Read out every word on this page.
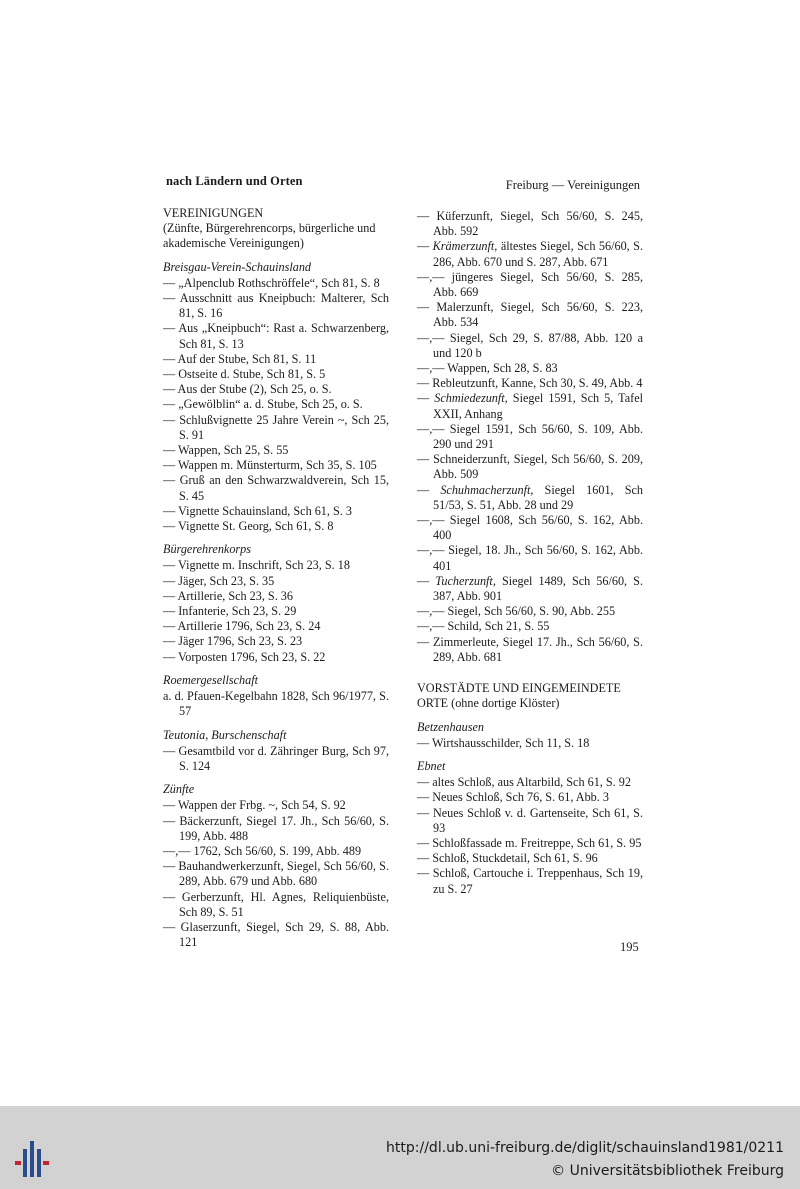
nach Ländern und Orten	Freiburg — Vereinigungen
VEREINIGUNGEN
(Zünfte, Bürgerehrencorps, bürgerliche und akademische Vereinigungen)
Breisgau-Verein-Schauinsland
— „Alpenclub Rothschröffele“, Sch 81, S. 8
— Ausschnitt aus Kneipbuch: Malterer, Sch 81, S. 16
— Aus „Kneipbuch“: Rast a. Schwarzenberg, Sch 81, S. 13
— Auf der Stube, Sch 81, S. 11
— Ostseite d. Stube, Sch 81, S. 5
— Aus der Stube (2), Sch 25, o. S.
— „Gewölblin“ a. d. Stube, Sch 25, o. S.
— Schlußvignette 25 Jahre Verein ~, Sch 25, S. 91
— Wappen, Sch 25, S. 55
— Wappen m. Münsterturm, Sch 35, S. 105
— Gruß an den Schwarzwaldverein, Sch 15, S. 45
— Vignette Schauinsland, Sch 61, S. 3
— Vignette St. Georg, Sch 61, S. 8
Bürgerehrenkorps
— Vignette m. Inschrift, Sch 23, S. 18
— Jäger, Sch 23, S. 35
— Artillerie, Sch 23, S. 36
— Infanterie, Sch 23, S. 29
— Artillerie 1796, Sch 23, S. 24
— Jäger 1796, Sch 23, S. 23
— Vorposten 1796, Sch 23, S. 22
Roemergesellschaft
a. d. Pfauen-Kegelbahn 1828, Sch 96/1977, S. 57
Teutonia, Burschenschaft
— Gesamtbild vor d. Zähringer Burg, Sch 97, S. 124
Zünfte
— Wappen der Frbg. ~, Sch 54, S. 92
— Bäckerzunft, Siegel 17. Jh., Sch 56/60, S. 199, Abb. 488
—,— 1762, Sch 56/60, S. 199, Abb. 489
— Bauhandwerkerzunft, Siegel, Sch 56/60, S. 289, Abb. 679 und Abb. 680
— Gerberzunft, Hl. Agnes, Reliquienbüste, Sch 89, S. 51
— Glaserzunft, Siegel, Sch 29, S. 88, Abb. 121
— Küferzunft, Siegel, Sch 56/60, S. 245, Abb. 592
— Krämerzunft, ältestes Siegel, Sch 56/60, S. 286, Abb. 670 und S. 287, Abb. 671
—,— jüngeres Siegel, Sch 56/60, S. 285, Abb. 669
— Malerzunft, Siegel, Sch 56/60, S. 223, Abb. 534
—,— Siegel, Sch 29, S. 87/88, Abb. 120 a und 120 b
—,— Wappen, Sch 28, S. 83
— Rebleutzunft, Kanne, Sch 30, S. 49, Abb. 4
— Schmiedezunft, Siegel 1591, Sch 5, Tafel XXII, Anhang
—,— Siegel 1591, Sch 56/60, S. 109, Abb. 290 und 291
— Schneiderzunft, Siegel, Sch 56/60, S. 209, Abb. 509
— Schuhmacherzunft, Siegel 1601, Sch 51/53, S. 51, Abb. 28 und 29
—,— Siegel 1608, Sch 56/60, S. 162, Abb. 400
—,— Siegel, 18. Jh., Sch 56/60, S. 162, Abb. 401
— Tucherzunft, Siegel 1489, Sch 56/60, S. 387, Abb. 901
—,— Siegel, Sch 56/60, S. 90, Abb. 255
—,— Schild, Sch 21, S. 55
— Zimmerleute, Siegel 17. Jh., Sch 56/60, S. 289, Abb. 681
VORSTÄDTE UND EINGEMEINDETE
ORTE (ohne dortige Klöster)
Betzenhausen
— Wirtshausschilder, Sch 11, S. 18
Ebnet
— altes Schloß, aus Altarbild, Sch 61, S. 92
— Neues Schloß, Sch 76, S. 61, Abb. 3
— Neues Schloß v. d. Gartenseite, Sch 61, S. 93
— Schloßfassade m. Freitreppe, Sch 61, S. 95
— Schloß, Stuckdetail, Sch 61, S. 96
— Schloß, Cartouche i. Treppenhaus, Sch 19, zu S. 27
195
http://dl.ub.uni-freiburg.de/diglit/schauinsland1981/0211
© Universitätsbibliothek Freiburg
